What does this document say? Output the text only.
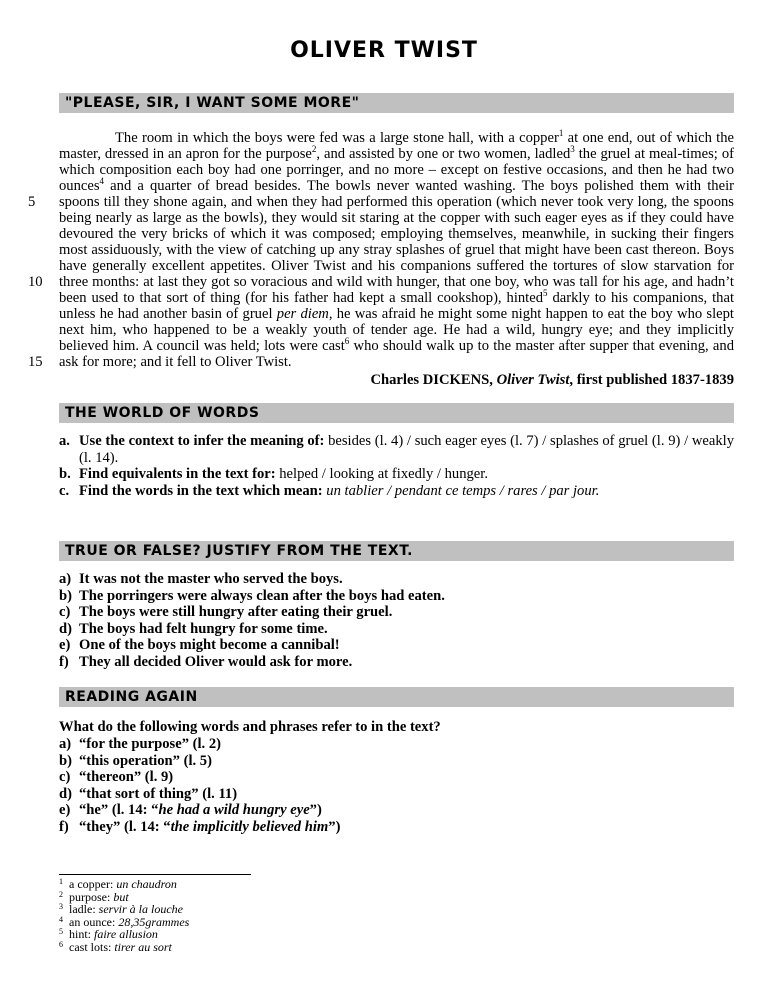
OLIVER TWIST
"PLEASE, SIR, I WANT SOME MORE"

The room in which the boys were fed was a large stone hall, with a copper$^1$ at one end, out of which the master, dressed in an apron for the purpose$^2$, and assisted by one or two women, ladled$^3$ the gruel at meal-times; of which composition each boy had one porringer, and no more – except on festive occasions, and then he had two ounces$^4$ and a quarter of bread besides. The bowls never wanted washing. The boys polished them with their spoons till they shone again, and when they had performed this operation (which never took very long, the spoons being nearly as large as the bowls), they would sit staring at the copper with such eager eyes as if they could have devoured the very bricks of which it was composed; employing themselves, meanwhile, in sucking their fingers most assiduously, with the view of catching up any stray splashes of gruel that might have been cast thereon. Boys have generally excellent appetites. Oliver Twist and his companions suffered the tortures of slow starvation for three months: at last they got so voracious and wild with hunger, that one boy, who was tall for his age, and hadn’t been used to that sort of thing (for his father had kept a small cookshop), hinted$^5$ darkly to his companions, that unless he had another basin of gruel per diem, he was afraid he might some night happen to eat the boy who slept next him, who happened to be a weakly youth of tender age. He had a wild, hungry eye; and they implicitly believed him. A council was held; lots were cast$^6$ who should walk up to the master after supper that evening, and ask for more; and it fell to Oliver Twist.

5
10
15
Charles DICKENS, Oliver Twist, first published 1837-1839
THE WORLD OF WORDS
a. Use the context to infer the meaning of: besides (l. 4) / such eager eyes (l. 7) / splashes of gruel (l. 9) / weakly (l. 14).
b. Find equivalents in the text for: helped / looking at fixedly / hunger.
c. Find the words in the text which mean: un tablier / pendant ce temps / rares / par jour.
TRUE OR FALSE? JUSTIFY FROM THE TEXT.
a) It was not the master who served the boys.
b) The porringers were always clean after the boys had eaten.
c) The boys were still hungry after eating their gruel.
d) The boys had felt hungry for some time.
e) One of the boys might become a cannibal!
f) They all decided Oliver would ask for more.
READING AGAIN
What do the following words and phrases refer to in the text?
a) “for the purpose” (l. 2)
b) “this operation” (l. 5)
c) “thereon” (l. 9)
d) “that sort of thing” (l. 11)
e) “he” (l. 14: “he had a wild hungry eye”)
f) “they” (l. 14: “the implicitly believed him”)
1 a copper: un chaudron
2 purpose: but
3 ladle: servir à la louche
4 an ounce: 28,35grammes
5 hint: faire allusion
6 cast lots: tirer au sort
